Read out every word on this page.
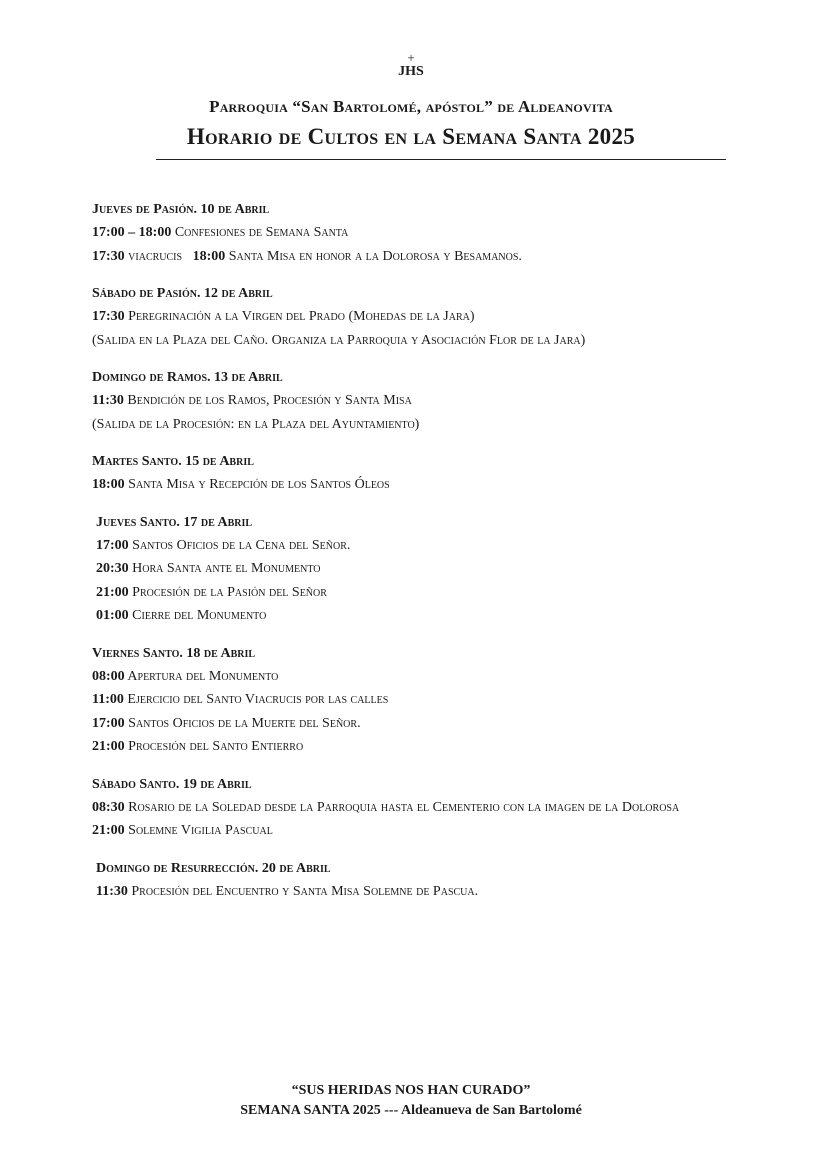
+
JHS
Parroquia “San Bartolomé, apóstol” de Aldeanovita
Horario de Cultos en la Semana Santa 2025
Jueves de Pasión. 10 de Abril
17:00 – 18:00 Confesiones de Semana Santa
17:30 viacrucis 18:00 Santa Misa en honor a la Dolorosa y Besamanos.
Sábado de Pasión. 12 de Abril
17:30 Peregrinación a la Virgen del Prado (Mohedas de la Jara)
(Salida en la Plaza del Caño. Organiza la Parroquia y Asociación Flor de la Jara)
Domingo de Ramos. 13 de Abril
11:30 Bendición de los Ramos, Procesión y Santa Misa
(Salida de la Procesión: en la Plaza del Ayuntamiento)
Martes Santo. 15 de Abril
18:00 Santa Misa y Recepción de los Santos Óleos
Jueves Santo. 17 de Abril
17:00 Santos Oficios de la Cena del Señor.
20:30 Hora Santa ante el Monumento
21:00 Procesión de la Pasión del Señor
01:00 Cierre del Monumento
Viernes Santo. 18 de Abril
08:00 Apertura del Monumento
11:00 Ejercicio del Santo Viacrucis por las calles
17:00 Santos Oficios de la Muerte del Señor.
21:00 Procesión del Santo Entierro
Sábado Santo. 19 de Abril
08:30 Rosario de la Soledad desde la Parroquia hasta el Cementerio con la imagen de la Dolorosa
21:00 Solemne Vigilia Pascual
Domingo de Resurrección. 20 de Abril
11:30 Procesión del Encuentro y Santa Misa Solemne de Pascua.
“SUS HERIDAS NOS HAN CURADO”
SEMANA SANTA 2025 --- Aldeanueva de San Bartolomé
